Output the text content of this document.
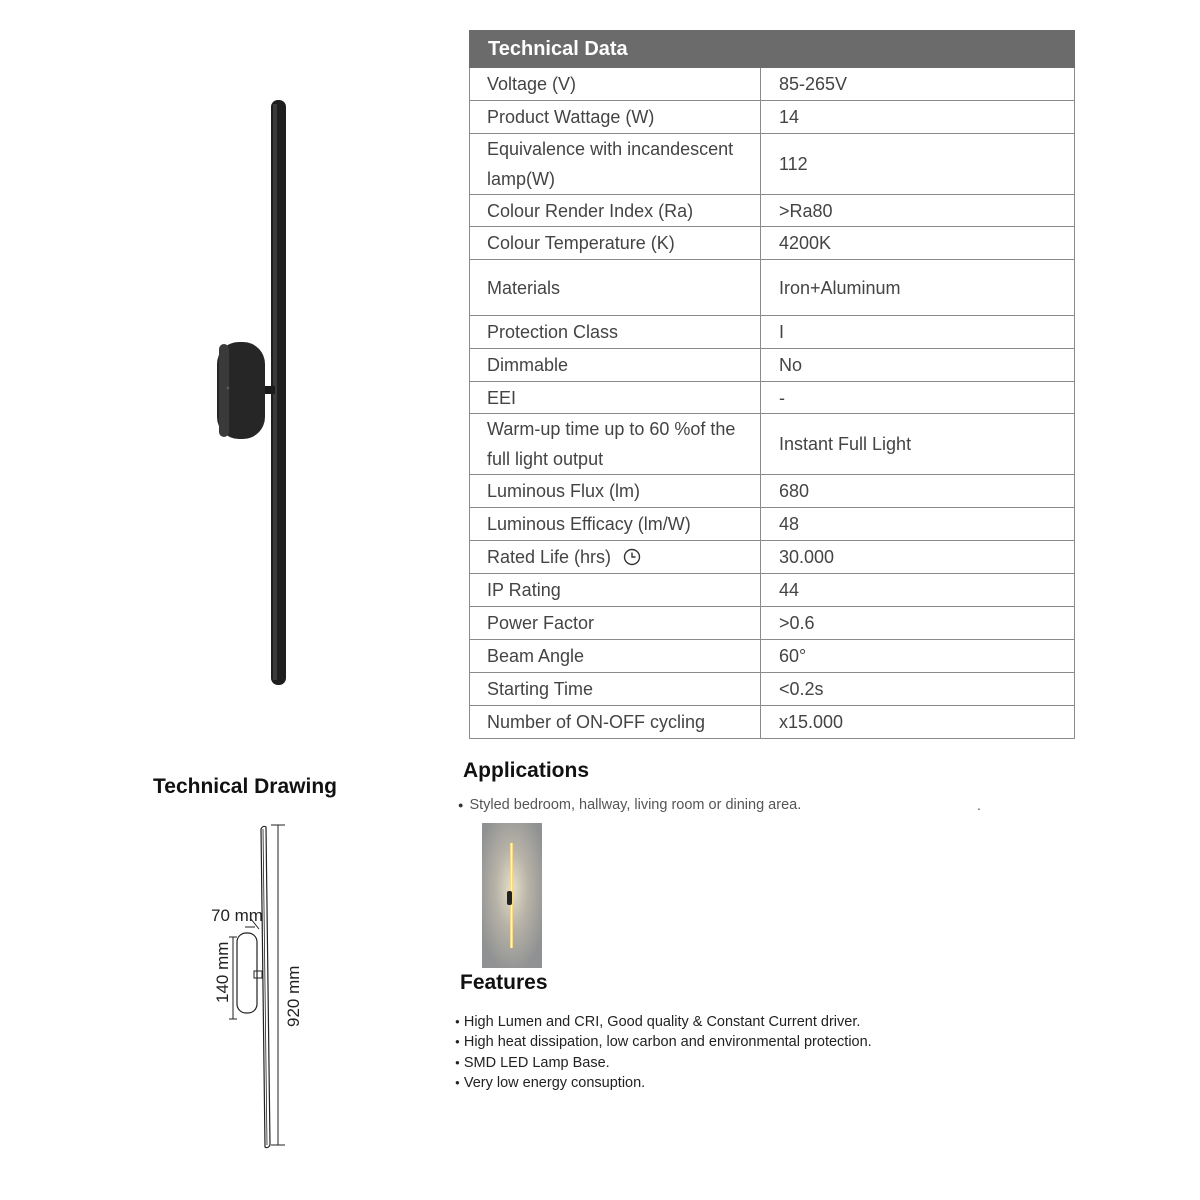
Technical Data	
Voltage (V)	85-265V
Product Wattage (W)	14
Equivalence with incandescent lamp(W)	112
Colour Render Index (Ra)	>Ra80
Colour Temperature (K)	4200K
Materials	Iron+Aluminum
Protection Class	I
Dimmable	No
EEI	-
Warm-up time up to 60 %of the full light output	Instant Full Light
Luminous Flux (lm)	680
Luminous Efficacy (lm/W)	48
Rated Life (hrs)	30.000
IP Rating	44
Power Factor	>0.6
Beam Angle	60°
Starting Time	<0.2s
Number of ON-OFF cycling	x15.000
Technical Drawing
920 mm
140 mm
70 mm
Applications
● Styled bedroom, hallway, living room or dining area.	.
Features
● High Lumen and CRI, Good quality & Constant Current driver.
● High heat dissipation, low carbon and environmental protection.
● SMD LED Lamp Base.
● Very low energy consuption.
